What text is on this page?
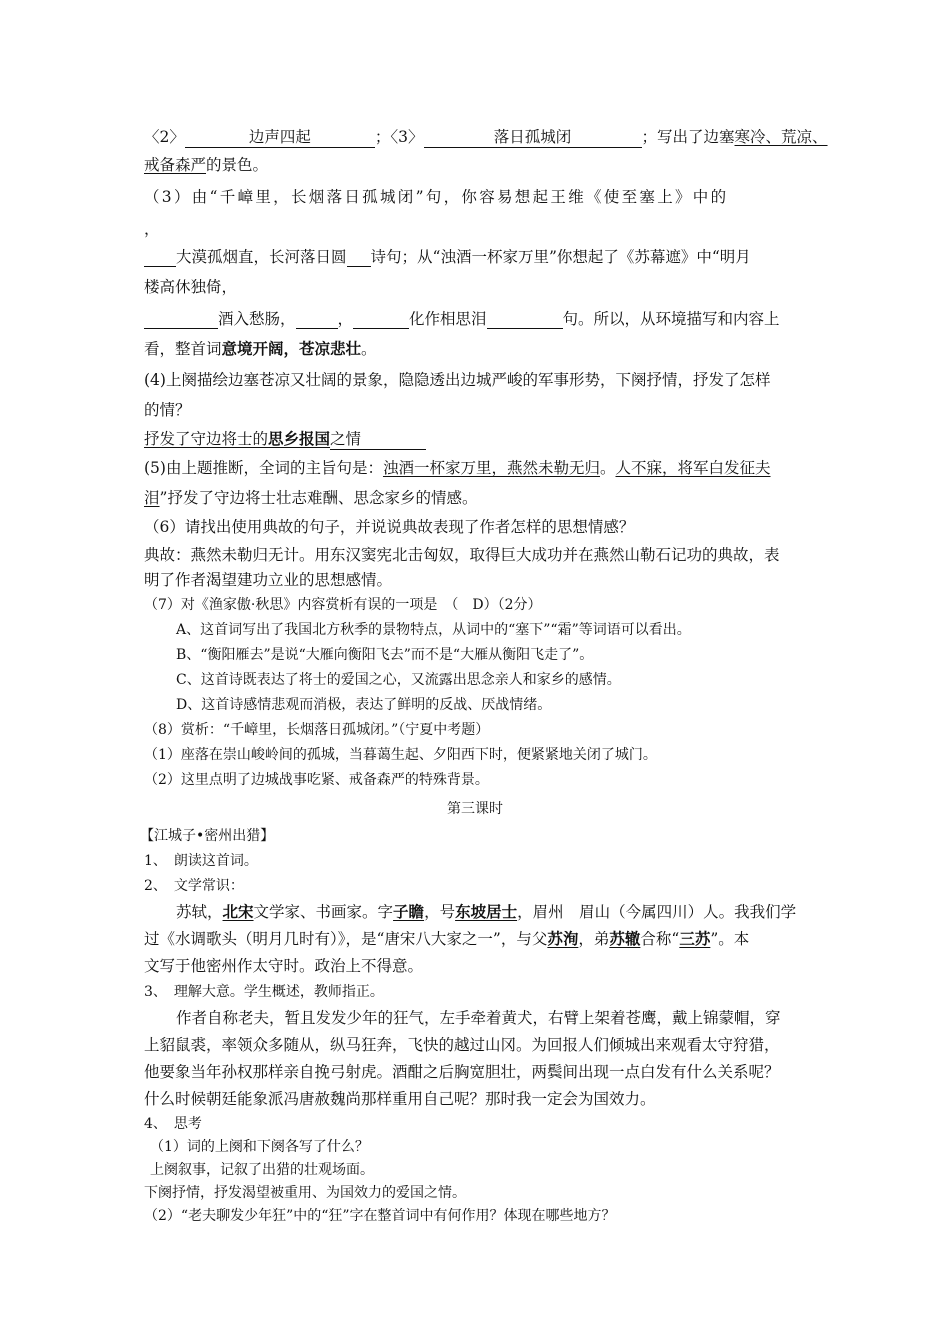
〈2〉	边声四起	；〈3〉	落日孤城闭	；写出了边塞寒冷、荒凉、
戒备森严的景色。
（3）由“千嶂里，长烟落日孤城闭”句，你容易想起王维《使至塞上》中的
，
大漠孤烟直，长河落日圆 诗句；从“浊酒一杯家万里”你想起了《苏幕遮》中“明月
楼高休独倚，
酒入愁肠，	，	化作相思泪	句。所以，从环境描写和内容上
看，整首词意境开阔，苍凉悲壮。
(4)上阕描绘边塞苍凉又壮阔的景象，隐隐透出边城严峻的军事形势，下阕抒情，抒发了怎样
的情？
抒发了守边将士的思乡报国之情
(5)由上题推断，全词的主旨句是：浊酒一杯家万里，燕然未勒无归。人不寐，将军白发征夫
泪”抒发了守边将士壮志难酬、思念家乡的情感。
（6）请找出使用典故的句子，并说说典故表现了作者怎样的思想情感？
典故：燕然未勒归无计。用东汉窦宪北击匈奴，取得巨大成功并在燕然山勒石记功的典故，表
明了作者渴望建功立业的思想感情。
（7）对《渔家傲·秋思》内容赏析有误的一项是　（　D）（2分）
A、这首词写出了我国北方秋季的景物特点，从词中的“塞下”“霜”等词语可以看出。
B、“衡阳雁去”是说“大雁向衡阳飞去”而不是“大雁从衡阳飞走了”。
C、这首诗既表达了将士的爱国之心，又流露出思念亲人和家乡的感情。
D、这首诗感情悲观而消极，表达了鲜明的反战、厌战情绪。
（8）赏析：“千嶂里，长烟落日孤城闭。”（宁夏中考题）
（1）座落在崇山峻岭间的孤城，当暮蔼生起、夕阳西下时，便紧紧地关闭了城门。
（2）这里点明了边城战事吃紧、戒备森严的特殊背景。
第三课时
【江城子•密州出猎】
1、　朗读这首词。
2、　文学常识：
苏轼，北宋文学家、书画家。字子瞻，号东坡居士，眉州　眉山（今属四川）人。我我们学
过《水调歌头（明月几时有）》，是“唐宋八大家之一”，与父苏洵，弟苏辙合称“三苏”。本
文写于他密州作太守时。政治上不得意。
3、　理解大意。学生概述，教师指正。
作者自称老夫，暂且发发少年的狂气，左手牵着黄犬，右臂上架着苍鹰，戴上锦蒙帽，穿
上貂鼠裘，率领众多随从，纵马狂奔，飞快的越过山冈。为回报人们倾城出来观看太守狩猎，
他要象当年孙权那样亲自挽弓射虎。酒酣之后胸宽胆壮，两鬓间出现一点白发有什么关系呢？
什么时候朝廷能象派冯唐赦魏尚那样重用自己呢？那时我一定会为国效力。
4、　思考
（1）词的上阕和下阕各写了什么？
上阕叙事，记叙了出猎的壮观场面。
下阕抒情，抒发渴望被重用、为国效力的爱国之情。
（2）“老夫聊发少年狂”中的“狂”字在整首词中有何作用？体现在哪些地方？
